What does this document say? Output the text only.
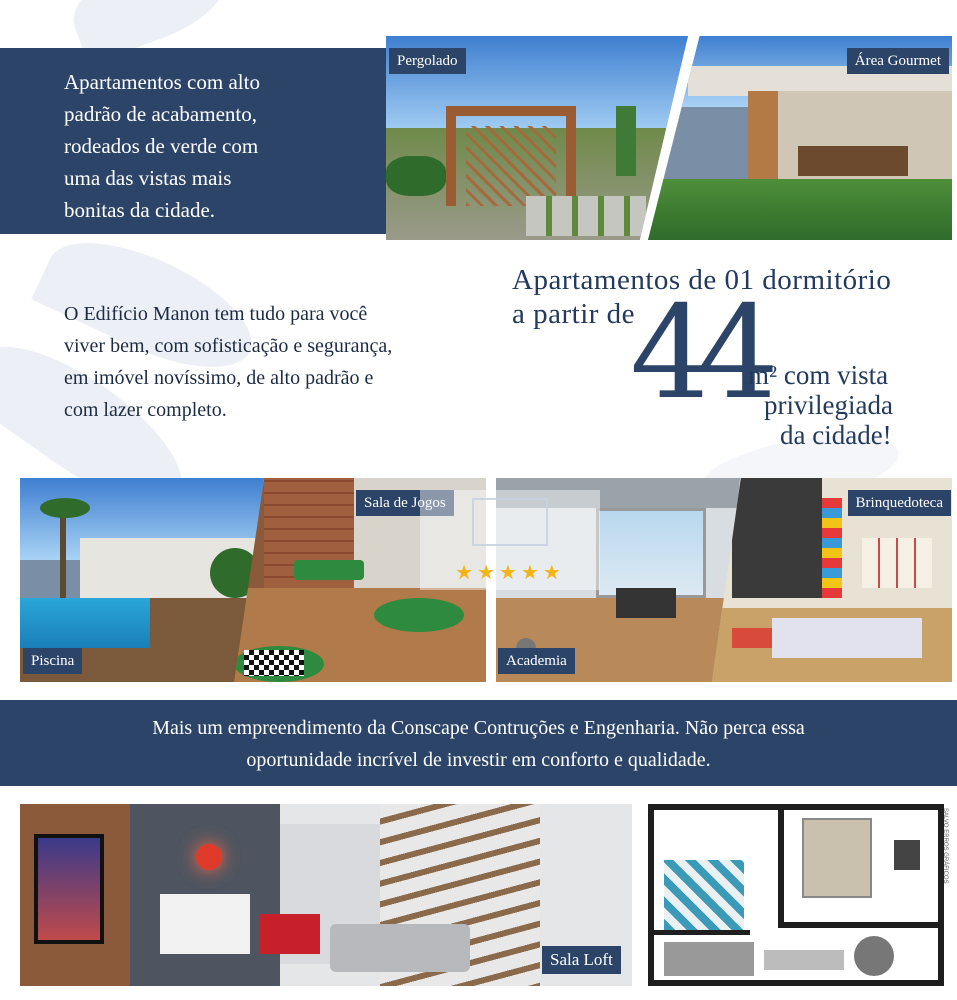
Apartamentos com alto
padrão de acabamento,
rodeados de verde com
uma das vistas mais
bonitas da cidade.
Pergolado	Área Gourmet
O Edifício Manon tem tudo para você
viver bem, com sofisticação e segurança,
em imóvel novíssimo, de alto padrão e
com lazer completo.
Apartamentos de 01 dormitório
a partir de
44
m² com vista
privilegiada
da cidade!
Piscina
Sala de Jogos
Academia
Brinquedoteca
★★★★★
Mais um empreendimento da Conscape Contruções e Engenharia. Não perca essa
oportunidade incrível de investir em conforto e qualidade.
Sala Loft
SALVO ERROS GRÁFICOS
